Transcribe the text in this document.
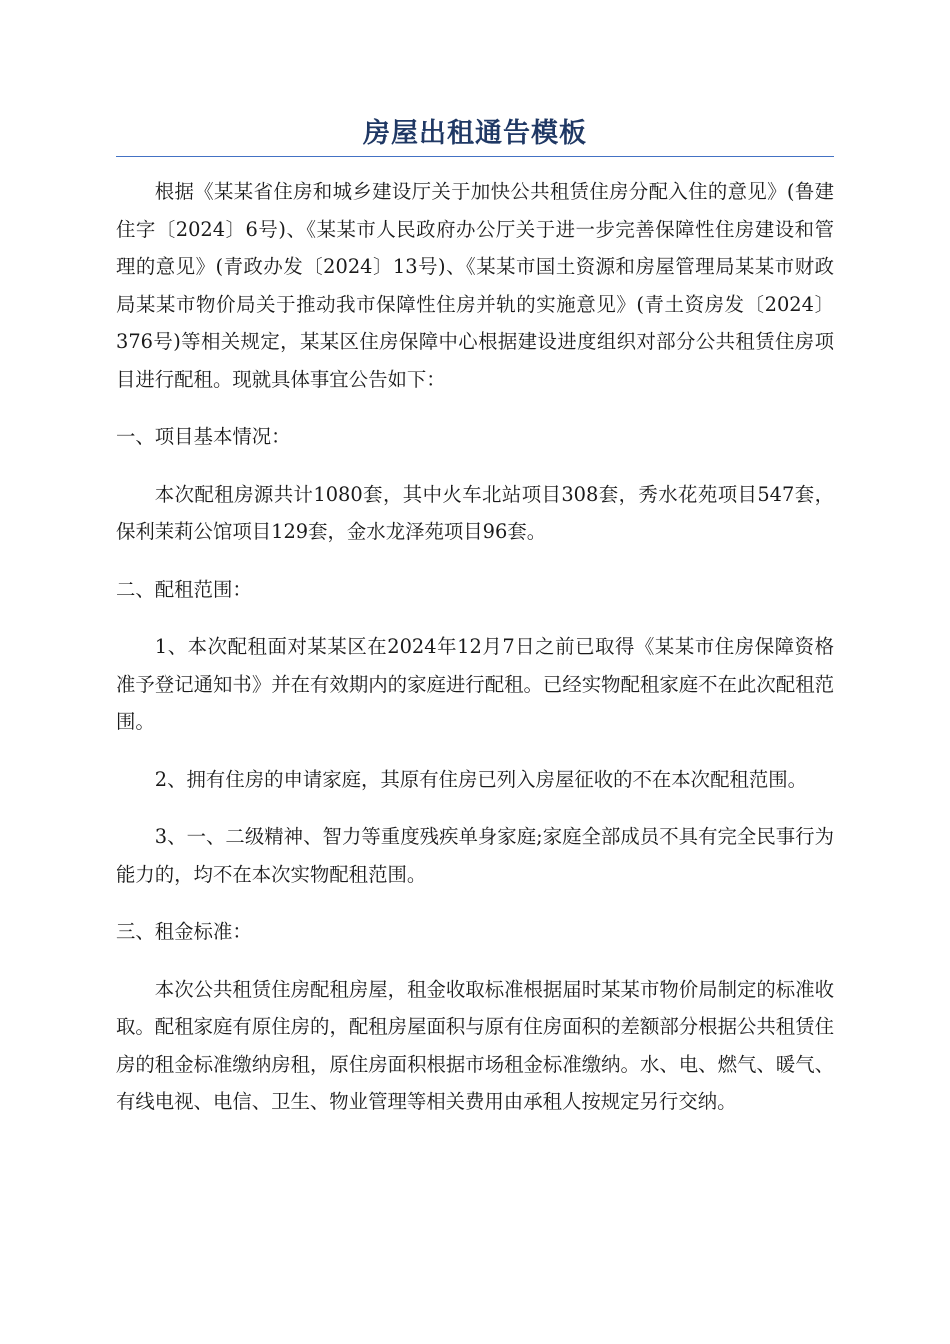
房屋出租通告模板

根据《某某省住房和城乡建设厅关于加快公共租赁住房分配入住的意见》(鲁建住字〔2024〕6号)、《某某市人民政府办公厅关于进一步完善保障性住房建设和管理的意见》(青政办发〔2024〕13号)、《某某市国土资源和房屋管理局某某市财政局某某市物价局关于推动我市保障性住房并轨的实施意见》(青土资房发〔2024〕376号)等相关规定，某某区住房保障中心根据建设进度组织对部分公共租赁住房项目进行配租。现就具体事宜公告如下：

一、项目基本情况：

本次配租房源共计1080套，其中火车北站项目308套，秀水花苑项目547套，保利茉莉公馆项目129套，金水龙泽苑项目96套。

二、配租范围：

1、本次配租面对某某区在2024年12月7日之前已取得《某某市住房保障资格准予登记通知书》并在有效期内的家庭进行配租。已经实物配租家庭不在此次配租范围。

2、拥有住房的申请家庭，其原有住房已列入房屋征收的不在本次配租范围。

3、一、二级精神、智力等重度残疾单身家庭;家庭全部成员不具有完全民事行为能力的，均不在本次实物配租范围。

三、租金标准：

本次公共租赁住房配租房屋，租金收取标准根据届时某某市物价局制定的标准收取。配租家庭有原住房的，配租房屋面积与原有住房面积的差额部分根据公共租赁住房的租金标准缴纳房租，原住房面积根据市场租金标准缴纳。水、电、燃气、暖气、有线电视、电信、卫生、物业管理等相关费用由承租人按规定另行交纳。
